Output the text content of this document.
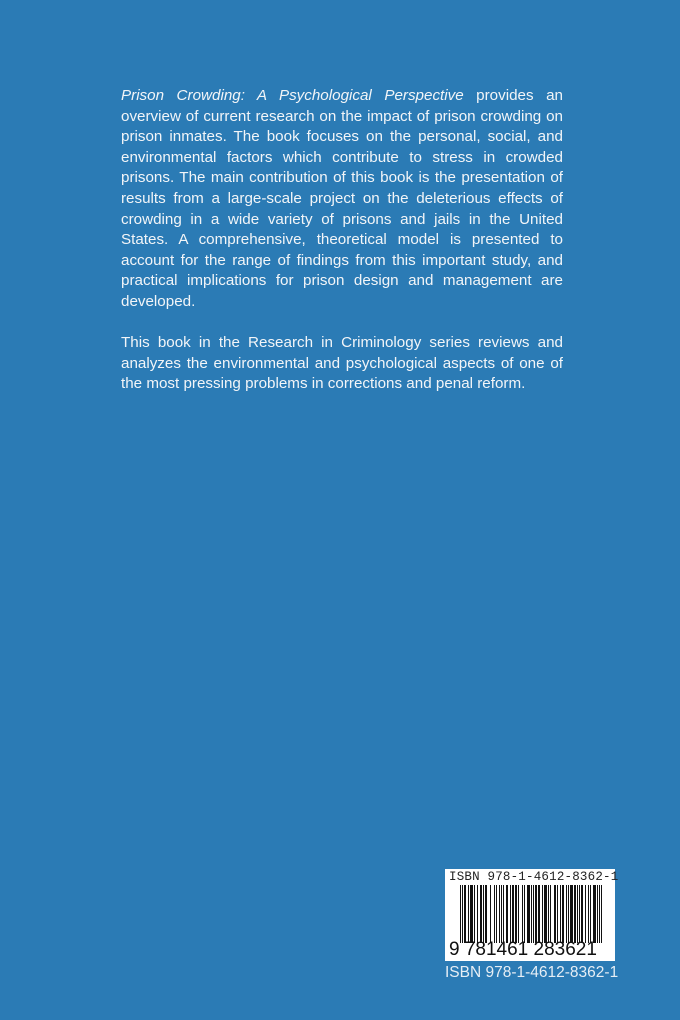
Prison Crowding: A Psychological Perspective provides an overview of current research on the impact of prison crowding on prison inmates. The book focuses on the personal, social, and environmental factors which contribute to stress in crowded prisons. The main contribution of this book is the presentation of results from a large-scale project on the deleterious effects of crowding in a wide variety of prisons and jails in the United States. A comprehensive, theoretical model is presented to account for the range of findings from this important study, and practical implications for prison design and management are developed.

This book in the Research in Criminology series reviews and analyzes the environmental and psychological aspects of one of the most pressing problems in corrections and penal reform.

ISBN 978-1-4612-8362-1
9 781461 283621
ISBN 978-1-4612-8362-1
